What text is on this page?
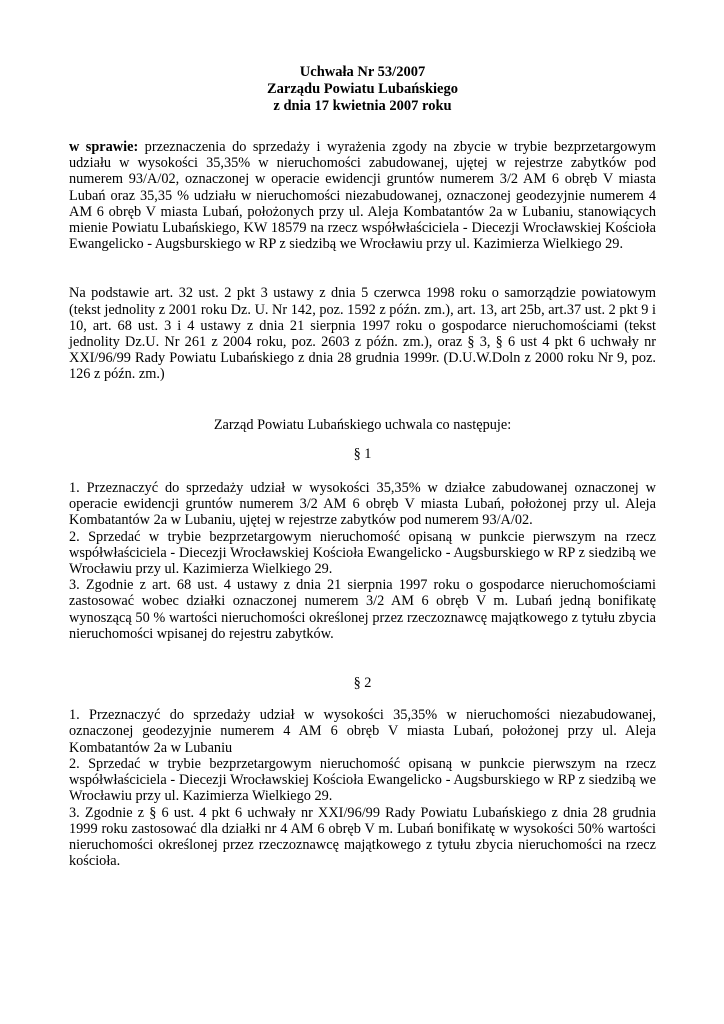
Uchwała Nr 53/2007
Zarządu Powiatu Lubańskiego
z dnia 17 kwietnia 2007 roku

w sprawie: przeznaczenia do sprzedaży i wyrażenia zgody na zbycie w trybie bezprzetargowym udziału w wysokości 35,35% w nieruchomości zabudowanej, ujętej w rejestrze zabytków pod numerem 93/A/02, oznaczonej w operacie ewidencji gruntów numerem 3/2 AM 6 obręb V miasta Lubań oraz 35,35 % udziału w nieruchomości niezabudowanej, oznaczonej geodezyjnie numerem 4 AM 6 obręb V miasta Lubań, położonych przy ul. Aleja Kombatantów 2a w Lubaniu, stanowiących mienie Powiatu Lubańskiego, KW 18579 na rzecz współwłaściciela - Diecezji Wrocławskiej Kościoła Ewangelicko - Augsburskiego w RP z siedzibą we Wrocławiu przy ul. Kazimierza Wielkiego 29.

Na podstawie art. 32 ust. 2 pkt 3 ustawy z dnia 5 czerwca 1998 roku o samorządzie powiatowym (tekst jednolity z 2001 roku Dz. U. Nr 142, poz. 1592 z późn. zm.), art. 13, art 25b, art.37 ust. 2 pkt 9 i 10, art. 68 ust. 3 i 4 ustawy z dnia 21 sierpnia 1997 roku o gospodarce nieruchomościami (tekst jednolity Dz.U. Nr 261 z 2004 roku, poz. 2603 z późn. zm.), oraz § 3, § 6 ust 4 pkt 6 uchwały nr XXI/96/99 Rady Powiatu Lubańskiego z dnia 28 grudnia 1999r. (D.U.W.Doln z 2000 roku Nr 9, poz. 126 z późn. zm.)

Zarząd Powiatu Lubańskiego uchwala co następuje:

§ 1

1. Przeznaczyć do sprzedaży udział w wysokości 35,35% w działce zabudowanej oznaczonej w operacie ewidencji gruntów numerem 3/2 AM 6 obręb V miasta Lubań, położonej przy ul. Aleja Kombatantów 2a w Lubaniu, ujętej w rejestrze zabytków pod numerem 93/A/02.

2. Sprzedać w trybie bezprzetargowym nieruchomość opisaną w punkcie pierwszym na rzecz współwłaściciela - Diecezji Wrocławskiej Kościoła Ewangelicko - Augsburskiego w RP z siedzibą we Wrocławiu przy ul. Kazimierza Wielkiego 29.

3. Zgodnie z art. 68 ust. 4 ustawy z dnia 21 sierpnia 1997 roku o gospodarce nieruchomościami zastosować wobec działki oznaczonej numerem 3/2 AM 6 obręb V m. Lubań jedną bonifikatę wynoszącą 50 % wartości nieruchomości określonej przez rzeczoznawcę majątkowego z tytułu zbycia nieruchomości wpisanej do rejestru zabytków.

§ 2

1. Przeznaczyć do sprzedaży udział w wysokości 35,35% w nieruchomości niezabudowanej, oznaczonej geodezyjnie numerem 4 AM 6 obręb V miasta Lubań, położonej przy ul. Aleja Kombatantów 2a w Lubaniu

2. Sprzedać w trybie bezprzetargowym nieruchomość opisaną w punkcie pierwszym na rzecz współwłaściciela - Diecezji Wrocławskiej Kościoła Ewangelicko - Augsburskiego w RP z siedzibą we Wrocławiu przy ul. Kazimierza Wielkiego 29.

3. Zgodnie z § 6 ust. 4 pkt 6 uchwały nr XXI/96/99 Rady Powiatu Lubańskiego z dnia 28 grudnia 1999 roku zastosować dla działki nr 4 AM 6 obręb V m. Lubań bonifikatę w wysokości 50% wartości nieruchomości określonej przez rzeczoznawcę majątkowego z tytułu zbycia nieruchomości na rzecz kościoła.
